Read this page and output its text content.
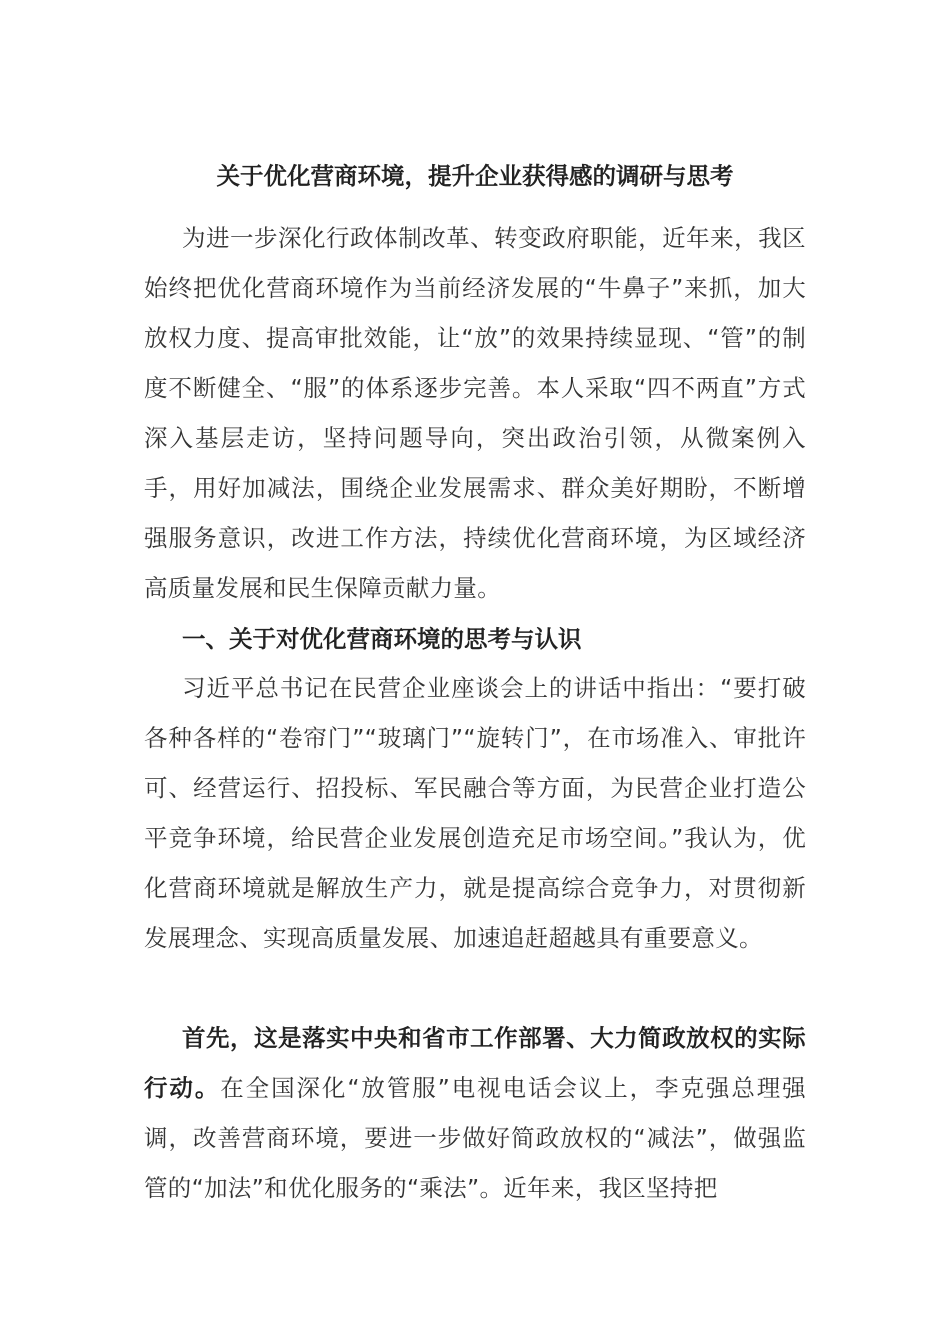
关于优化营商环境，提升企业获得感的调研与思考

为进一步深化行政体制改革、转变政府职能，近年来，我区始终把优化营商环境作为当前经济发展的“牛鼻子”来抓，加大放权力度、提高审批效能，让“放”的效果持续显现、“管”的制度不断健全、“服”的体系逐步完善。本人采取“四不两直”方式深入基层走访，坚持问题导向，突出政治引领，从微案例入手，用好加减法，围绕企业发展需求、群众美好期盼，不断增强服务意识，改进工作方法，持续优化营商环境，为区域经济高质量发展和民生保障贡献力量。

一、关于对优化营商环境的思考与认识

习近平总书记在民营企业座谈会上的讲话中指出：“要打破各种各样的“卷帘门”“玻璃门”“旋转门”，在市场准入、审批许可、经营运行、招投标、军民融合等方面，为民营企业打造公平竞争环境，给民营企业发展创造充足市场空间。”我认为，优化营商环境就是解放生产力，就是提高综合竞争力，对贯彻新发展理念、实现高质量发展、加速追赶超越具有重要意义。

首先，这是落实中央和省市工作部署、大力简政放权的实际行动。在全国深化“放管服”电视电话会议上，李克强总理强调，改善营商环境，要进一步做好简政放权的“减法”，做强监管的“加法”和优化服务的“乘法”。近年来，我区坚持把
